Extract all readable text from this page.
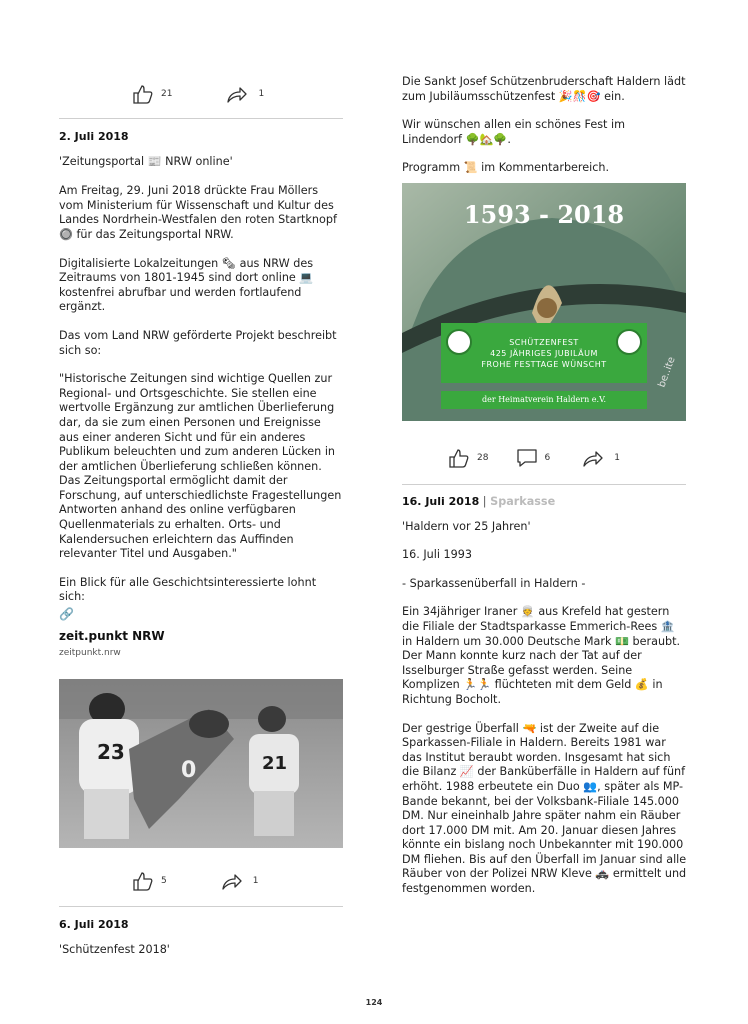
21	1

2. Juli 2018

'Zeitungsportal 📰 NRW online'

Am Freitag, 29. Juni 2018 drückte Frau Möllers vom Ministerium für Wissenschaft und Kultur des Landes Nordrhein-Westfalen den roten Startknopf 🔘 für das Zeitungsportal NRW.

Digitalisierte Lokalzeitungen 🗞 aus NRW des Zeitraums von 1801-1945 sind dort online 💻 kostenfrei abrufbar und werden fortlaufend ergänzt.

Das vom Land NRW geförderte Projekt beschreibt sich so:

"Historische Zeitungen sind wichtige Quellen zur Regional- und Ortsgeschichte. Sie stellen eine wertvolle Ergänzung zur amtlichen Überlieferung dar, da sie zum einen Personen und Ereignisse aus einer anderen Sicht und für ein anderes Publikum beleuchten und zum anderen Lücken in der amtlichen Überlieferung schließen können. Das Zeitungsportal ermöglicht damit der Forschung, auf unterschiedlichste Fragestellungen Antworten anhand des online verfügbaren Quellenmaterials zu erhalten. Orts- und Kalendersuchen erleichtern das Auffinden relevanter Titel und Ausgaben."

Ein Blick für alle Geschichtsinteressierte lohnt sich:

🔗

zeit.punkt NRW

zeitpunkt.nrw

23
0	21
5	1

6. Juli 2018

'Schützenfest 2018'

Die Sankt Josef Schützenbruderschaft Haldern lädt zum Jubiläumsschützenfest 🎉🎊🎯 ein.

Wir wünschen allen ein schönes Fest im Lindendorf 🌳🏡🌳.

Programm 📜 im Kommentarbereich.

1593 - 2018
be..ite
SCHÜTZENFEST
425 JÄHRIGES JUBILÄUM
FROHE FESTTAGE WÜNSCHT
der Heimatverein Haldern e.V.
28	6	1

16. Juli 2018 | Sparkasse

'Haldern vor 25 Jahren'

16. Juli 1993

- Sparkassenüberfall in Haldern -

Ein 34jähriger Iraner 👳 aus Krefeld hat gestern die Filiale der Stadtsparkasse Emmerich-Rees 🏦 in Haldern um 30.000 Deutsche Mark 💵 beraubt. Der Mann konnte kurz nach der Tat auf der Isselburger Straße gefasst werden. Seine Komplizen 🏃🏃 flüchteten mit dem Geld 💰 in Richtung Bocholt.

Der gestrige Überfall 🔫 ist der Zweite auf die Sparkassen-Filiale in Haldern. Bereits 1981 war das Institut beraubt worden. Insgesamt hat sich die Bilanz 📈 der Banküberfälle in Haldern auf fünf erhöht. 1988 erbeutete ein Duo 👥, später als MP-Bande bekannt, bei der Volksbank-Filiale 145.000 DM. Nur eineinhalb Jahre später nahm ein Räuber dort 17.000 DM mit. Am 20. Januar diesen Jahres könnte ein bislang noch Unbekannter mit 190.000 DM fliehen. Bis auf den Überfall im Januar sind alle Räuber von der Polizei NRW Kleve 🚓 ermittelt und festgenommen worden.

124
